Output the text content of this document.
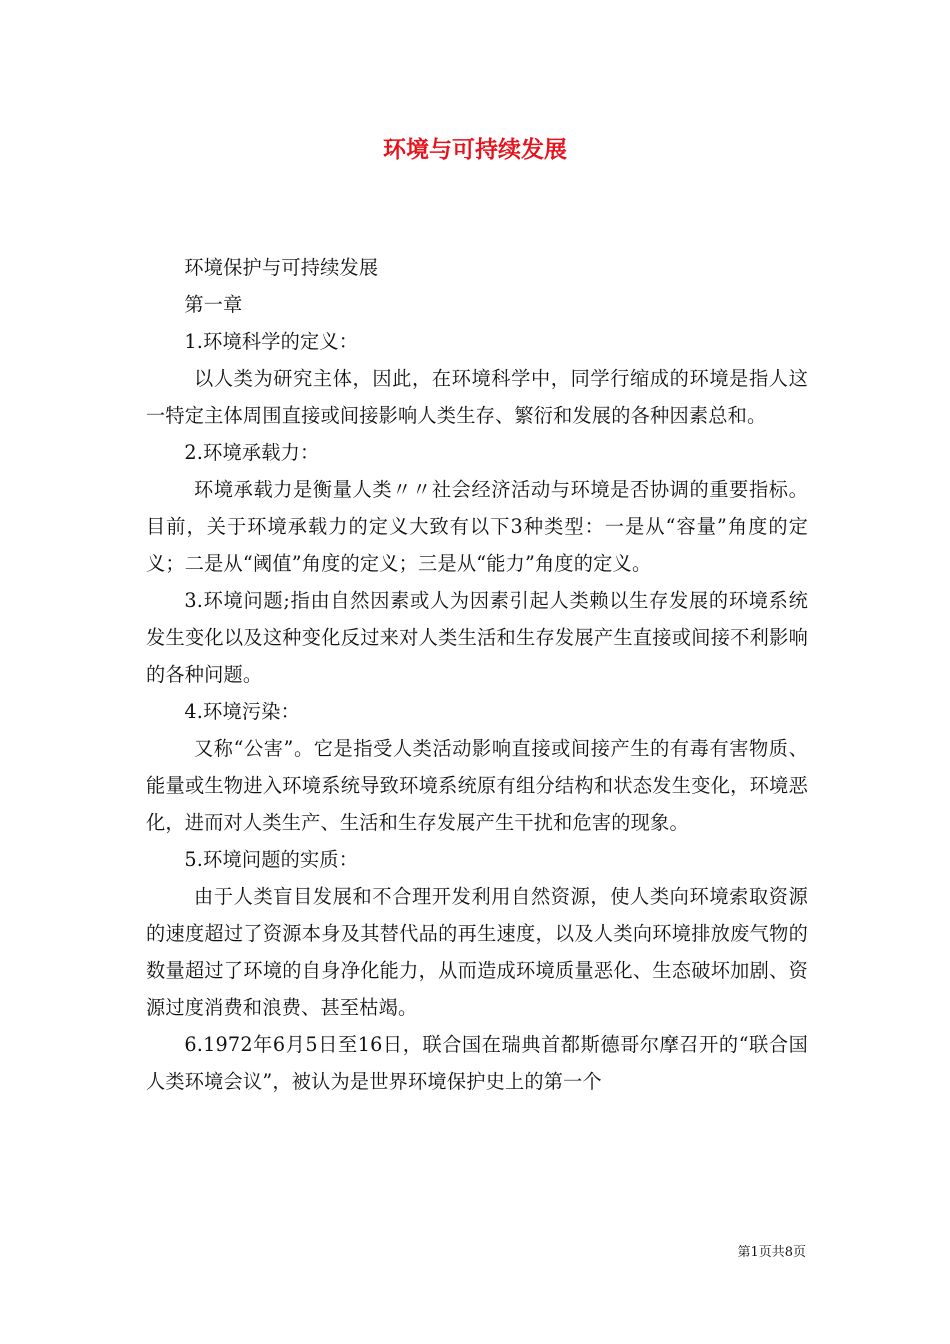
环境与可持续发展

环境保护与可持续发展

第一章

1.环境科学的定义：

以人类为研究主体，因此，在环境科学中，同学行缩成的环境是指人这一特定主体周围直接或间接影响人类生存、繁衍和发展的各种因素总和。

2.环境承载力：

环境承载力是衡量人类〃〃社会经济活动与环境是否协调的重要指标。目前，关于环境承载力的定义大致有以下3种类型：一是从“容量”角度的定义；二是从“阈值”角度的定义；三是从“能力”角度的定义。

3.环境问题;指由自然因素或人为因素引起人类赖以生存发展的环境系统发生变化以及这种变化反过来对人类生活和生存发展产生直接或间接不利影响的各种问题。

4.环境污染：

又称“公害”。它是指受人类活动影响直接或间接产生的有毒有害物质、能量或生物进入环境系统导致环境系统原有组分结构和状态发生变化，环境恶化，进而对人类生产、生活和生存发展产生干扰和危害的现象。

5.环境问题的实质：

由于人类盲目发展和不合理开发利用自然资源，使人类向环境索取资源的速度超过了资源本身及其替代品的再生速度，以及人类向环境排放废气物的数量超过了环境的自身净化能力，从而造成环境质量恶化、生态破坏加剧、资源过度消费和浪费、甚至枯竭。

6.1972年6月5日至16日，联合国在瑞典首都斯德哥尔摩召开的“联合国人类环境会议”，被认为是世界环境保护史上的第一个

第1页共8页
